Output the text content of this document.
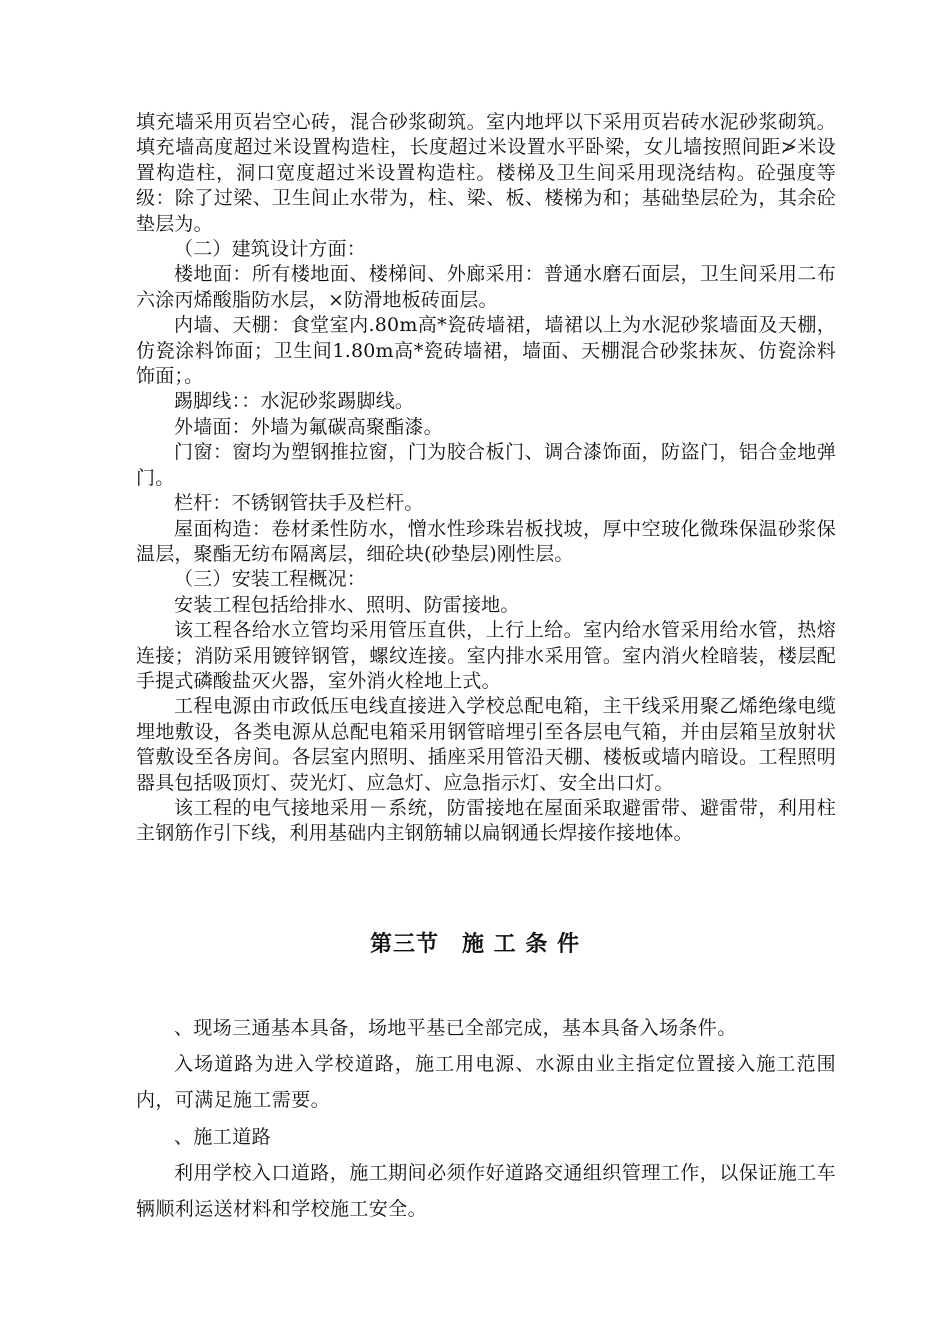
填充墙采用页岩空心砖，混合砂浆砌筑。室内地坪以下采用页岩砖水泥砂浆砌筑。填充墙高度超过米设置构造柱，长度超过米设置水平卧梁，女儿墙按照间距≯米设置构造柱，洞口宽度超过米设置构造柱。楼梯及卫生间采用现浇结构。砼强度等级：除了过梁、卫生间止水带为，柱、梁、板、楼梯为和；基础垫层砼为，其余砼垫层为。

（二）建筑设计方面：

楼地面：所有楼地面、楼梯间、外廊采用：普通水磨石面层，卫生间采用二布六涂丙烯酸脂防水层，×防滑地板砖面层。

内墙、天棚：食堂室内.80m高*瓷砖墙裙，墙裙以上为水泥砂浆墙面及天棚，仿瓷涂料饰面；卫生间1.80m高*瓷砖墙裙，墙面、天棚混合砂浆抹灰、仿瓷涂料饰面；。

踢脚线：：水泥砂浆踢脚线。

外墙面：外墙为氟碳高聚酯漆。

门窗：窗均为塑钢推拉窗，门为胶合板门、调合漆饰面，防盗门，铝合金地弹门。

栏杆：不锈钢管扶手及栏杆。

屋面构造：卷材柔性防水，憎水性珍珠岩板找坡，厚中空玻化微珠保温砂浆保温层，聚酯无纺布隔离层，细砼块(砂垫层)刚性层。

（三）安装工程概况：

安装工程包括给排水、照明、防雷接地。

该工程各给水立管均采用管压直供，上行上给。室内给水管采用给水管，热熔连接；消防采用镀锌钢管，螺纹连接。室内排水采用管。室内消火栓暗装，楼层配手提式磷酸盐灭火器，室外消火栓地上式。

工程电源由市政低压电线直接进入学校总配电箱，主干线采用聚乙烯绝缘电缆埋地敷设，各类电源从总配电箱采用钢管暗埋引至各层电气箱，并由层箱呈放射状管敷设至各房间。各层室内照明、插座采用管沿天棚、楼板或墙内暗设。工程照明器具包括吸顶灯、荧光灯、应急灯、应急指示灯、安全出口灯。

该工程的电气接地采用－系统，防雷接地在屋面采取避雷带、避雷带，利用柱主钢筋作引下线，利用基础内主钢筋辅以扁钢通长焊接作接地体。

第三节　施 工 条 件

、现场三通基本具备，场地平基已全部完成，基本具备入场条件。

入场道路为进入学校道路，施工用电源、水源由业主指定位置接入施工范围内，可满足施工需要。

、施工道路

利用学校入口道路，施工期间必须作好道路交通组织管理工作，以保证施工车辆顺利运送材料和学校施工安全。
